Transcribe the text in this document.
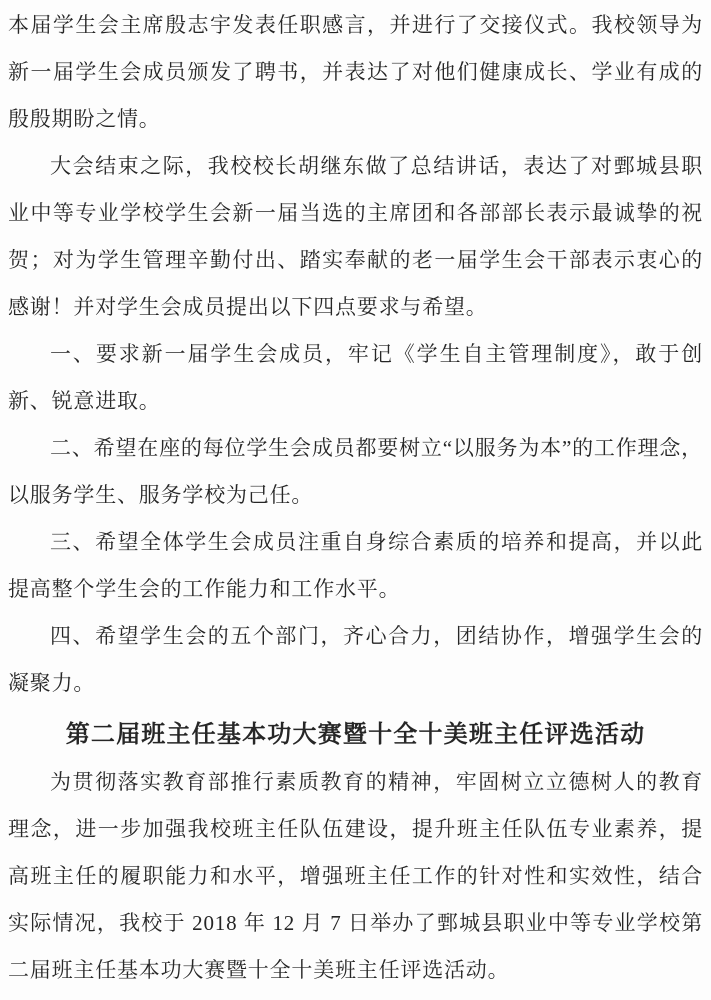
本届学生会主席殷志宇发表任职感言，并进行了交接仪式。我校领导为新一届学生会成员颁发了聘书，并表达了对他们健康成长、学业有成的殷殷期盼之情。

大会结束之际，我校校长胡继东做了总结讲话，表达了对鄄城县职业中等专业学校学生会新一届当选的主席团和各部部长表示最诚挚的祝贺；对为学生管理辛勤付出、踏实奉献的老一届学生会干部表示衷心的感谢！并对学生会成员提出以下四点要求与希望。

一、要求新一届学生会成员，牢记《学生自主管理制度》，敢于创新、锐意进取。

二、希望在座的每位学生会成员都要树立“以服务为本”的工作理念，以服务学生、服务学校为己任。

三、希望全体学生会成员注重自身综合素质的培养和提高，并以此提高整个学生会的工作能力和工作水平。

四、希望学生会的五个部门，齐心合力，团结协作，增强学生会的凝聚力。

第二届班主任基本功大赛暨十全十美班主任评选活动

为贯彻落实教育部推行素质教育的精神，牢固树立立德树人的教育理念，进一步加强我校班主任队伍建设，提升班主任队伍专业素养，提高班主任的履职能力和水平，增强班主任工作的针对性和实效性，结合实际情况，我校于 2018 年 12 月 7 日举办了鄄城县职业中等专业学校第二届班主任基本功大赛暨十全十美班主任评选活动。
